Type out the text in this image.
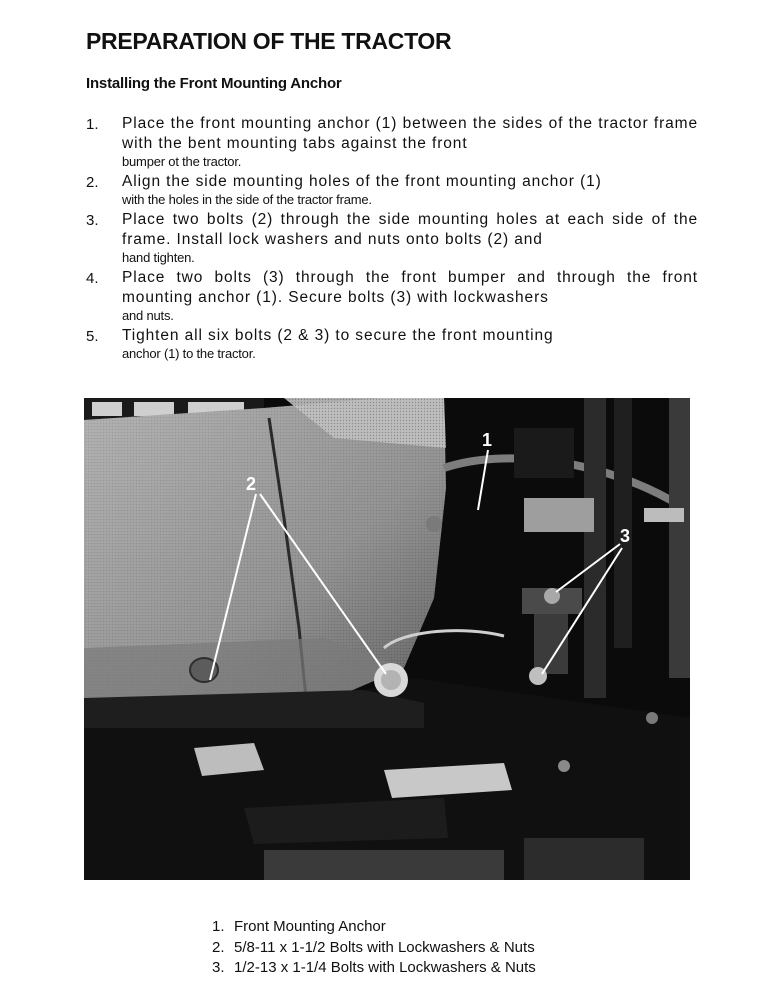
PREPARATION OF THE TRACTOR
Installing the Front Mounting Anchor
1. Place the front mounting anchor (1) between the sides of the tractor frame with the bent mounting tabs against the front
bumper ot the tractor.
2. Align the side mounting holes of the front mounting anchor (1)
with the holes in the side of the tractor frame.
3. Place two bolts (2) through the side mounting holes at each side of the frame. Install lock washers and nuts onto bolts (2) and
hand tighten.
4. Place two bolts (3) through the front bumper and through the front mounting anchor (1). Secure bolts (3) with lockwashers
and nuts.
5. Tighten all six bolts (2 & 3) to secure the front mounting
anchor (1) to the tractor.
1
2
3
1. Front Mounting Anchor
2. 5/8-11 x 1-1/2 Bolts with Lockwashers & Nuts
3. 1/2-13 x 1-1/4 Bolts with Lockwashers & Nuts
